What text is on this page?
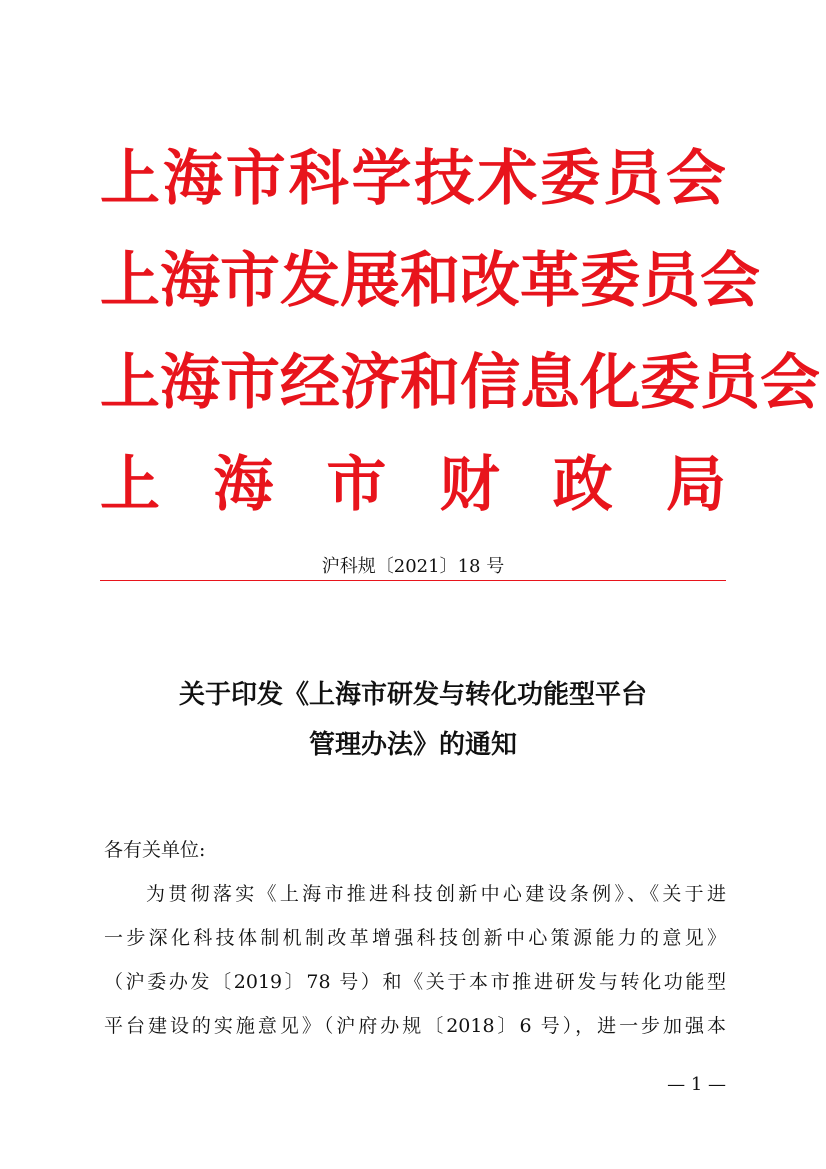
上 海 市 科 学 技 术 委 员 会
上 海 市 发 展 和 改 革 委 员 会
上 海 市 经 济 和 信 息 化 委 员 会
上 海 市 财 政 局
沪科规〔2021〕18 号
关于印发《上海市研发与转化功能型平台
管理办法》的通知
各有关单位:
为贯彻落实《上海市推进科技创新中心建设条例》、《关于进
一步深化科技体制机制改革增强科技创新中心策源能力的意见》
（沪委办发〔2019〕78 号）和《关于本市推进研发与转化功能型
平台建设的实施意见》（沪府办规〔2018〕6 号），进一步加强本
— 1 —
